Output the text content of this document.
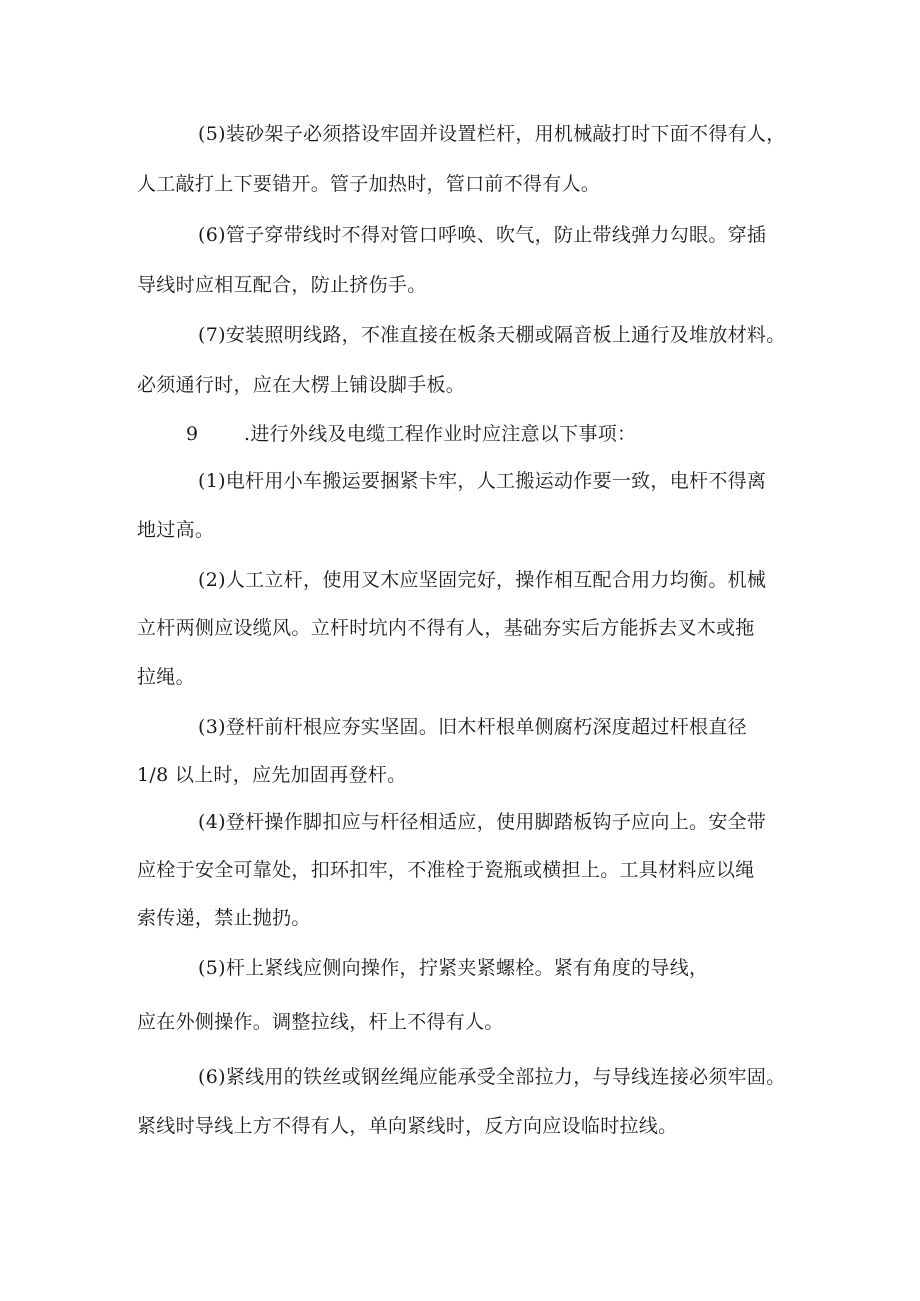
(5)装砂架子必须搭设牢固并设置栏杆，用机械敲打时下面不得有人，
人工敲打上下要错开。管子加热时，管口前不得有人。
(6)管子穿带线时不得对管口呼唤、吹气，防止带线弹力勾眼。穿插
导线时应相互配合，防止挤伤手。
(7)安装照明线路，不准直接在板条天棚或隔音板上通行及堆放材料。
必须通行时，应在大楞上铺设脚手板。
9 .进行外线及电缆工程作业时应注意以下事项：
(1)电杆用小车搬运要捆紧卡牢，人工搬运动作要一致，电杆不得离
地过高。
(2)人工立杆，使用叉木应坚固完好，操作相互配合用力均衡。机械
立杆两侧应设缆风。立杆时坑内不得有人，基础夯实后方能拆去叉木或拖
拉绳。
(3)登杆前杆根应夯实坚固。旧木杆根单侧腐朽深度超过杆根直径
1/8 以上时，应先加固再登杆。
(4)登杆操作脚扣应与杆径相适应，使用脚踏板钩子应向上。安全带
应栓于安全可靠处，扣环扣牢，不准栓于瓷瓶或横担上。工具材料应以绳
索传递，禁止抛扔。
(5)杆上紧线应侧向操作，拧紧夹紧螺栓。紧有角度的导线，
应在外侧操作。调整拉线，杆上不得有人。
(6)紧线用的铁丝或钢丝绳应能承受全部拉力，与导线连接必须牢固。
紧线时导线上方不得有人，单向紧线时，反方向应设临时拉线。
